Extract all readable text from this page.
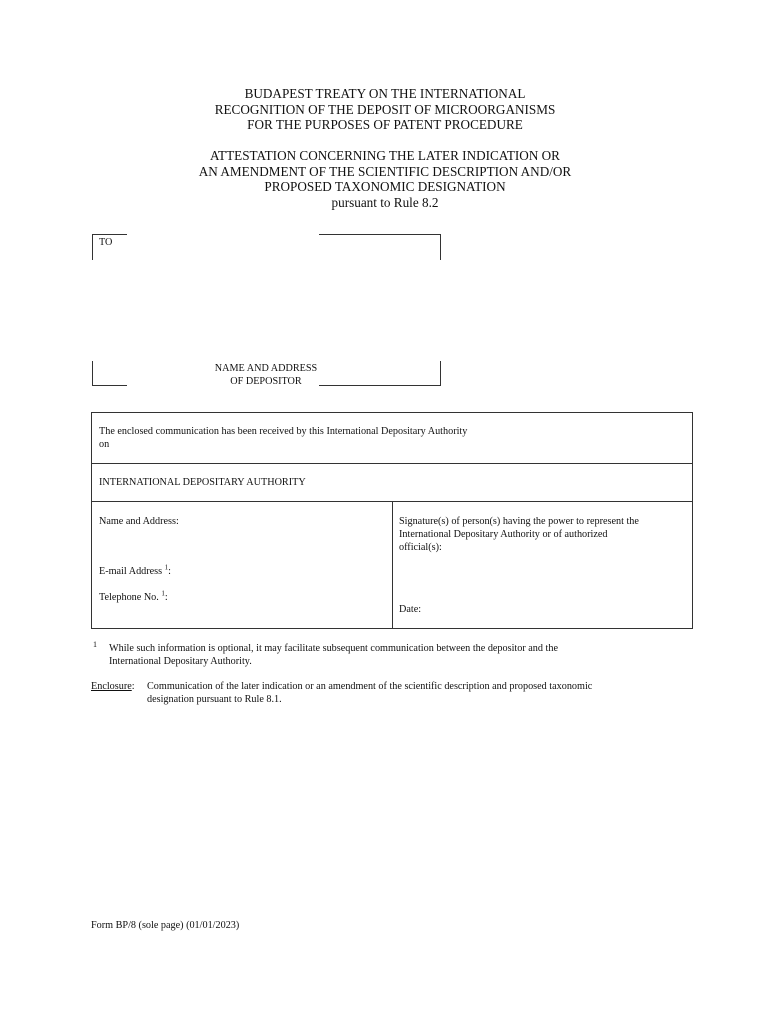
BUDAPEST TREATY ON THE INTERNATIONAL
RECOGNITION OF THE DEPOSIT OF MICROORGANISMS
FOR THE PURPOSES OF PATENT PROCEDURE
ATTESTATION CONCERNING THE LATER INDICATION OR
AN AMENDMENT OF THE SCIENTIFIC DESCRIPTION AND/OR
PROPOSED TAXONOMIC DESIGNATION
pursuant to Rule 8.2
TO
NAME AND ADDRESS
OF DEPOSITOR
The enclosed communication has been received by this International Depositary Authority
on
INTERNATIONAL DEPOSITARY AUTHORITY
Name and Address:
E-mail Address $^1$:
Telephone No. $^1$:
Signature(s) of person(s) having the power to represent the
International Depositary Authority or of authorized
official(s):
Date:
1 While such information is optional, it may facilitate subsequent communication between the depositor and the
International Depositary Authority.
Enclosure: Communication of the later indication or an amendment of the scientific description and proposed taxonomic
designation pursuant to Rule 8.1.
Form BP/8 (sole page) (01/01/2023)
